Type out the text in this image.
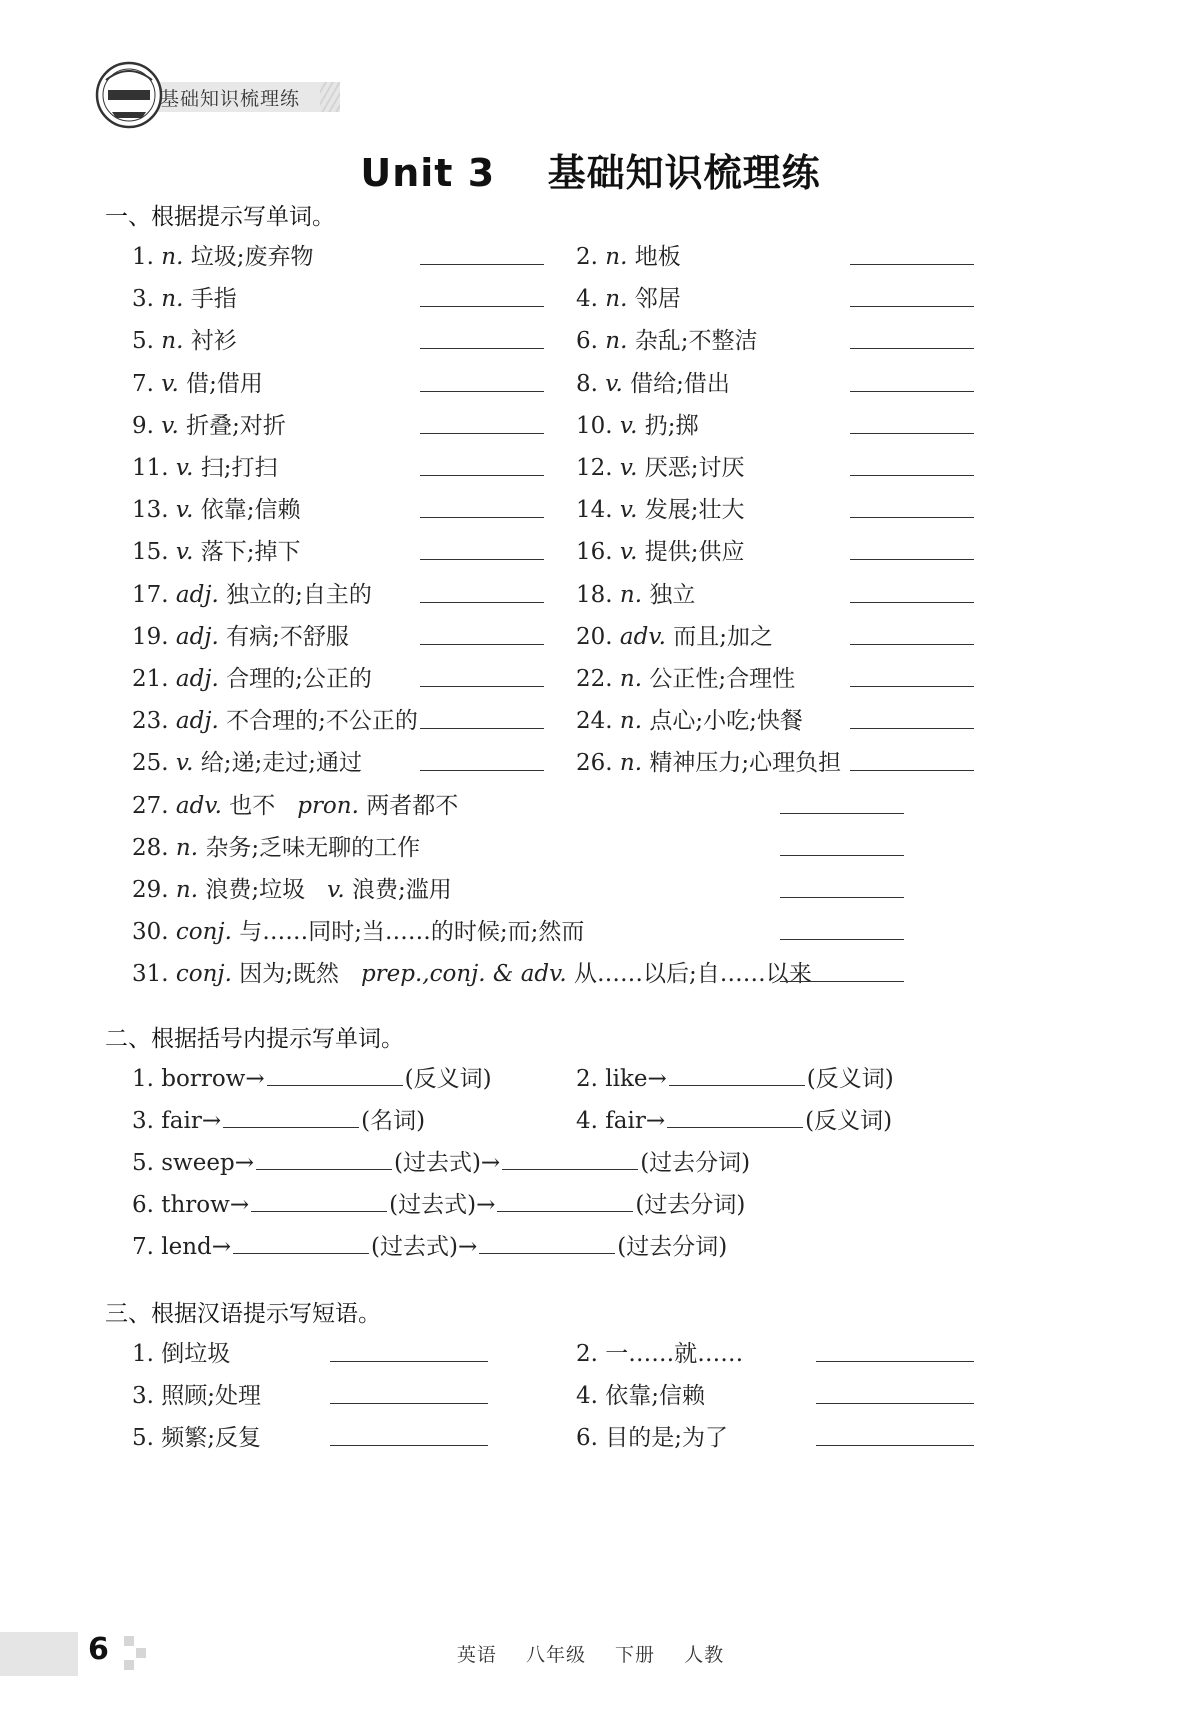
基础知识梳理练
Unit 3 基础知识梳理练
一、根据提示写单词。
1. n. 垃圾;废弃物	2. n. 地板
3. n. 手指	4. n. 邻居
5. n. 衬衫	6. n. 杂乱;不整洁
7. v. 借;借用	8. v. 借给;借出
9. v. 折叠;对折	10. v. 扔;掷
11. v. 扫;打扫	12. v. 厌恶;讨厌
13. v. 依靠;信赖	14. v. 发展;壮大
15. v. 落下;掉下	16. v. 提供;供应
17. adj. 独立的;自主的	18. n. 独立
19. adj. 有病;不舒服	20. adv. 而且;加之
21. adj. 合理的;公正的	22. n. 公正性;合理性
23. adj. 不合理的;不公正的	24. n. 点心;小吃;快餐
25. v. 给;递;走过;通过	26. n. 精神压力;心理负担
27. adv. 也不 pron. 两者都不
28. n. 杂务;乏味无聊的工作
29. n. 浪费;垃圾 v. 浪费;滥用
30. conj. 与……同时;当……的时候;而;然而
31. conj. 因为;既然 prep.,conj. & adv. 从……以后;自……以来
二、根据括号内提示写单词。
1. borrow→	(反义词)	2. like→	(反义词)
3. fair→	(名词)	4. fair→	(反义词)
5. sweep→	(过去式)→	(过去分词)
6. throw→	(过去式)→	(过去分词)
7. lend→	(过去式)→	(过去分词)
三、根据汉语提示写短语。
1. 倒垃圾	2. 一……就……
3. 照顾;处理	4. 依靠;信赖
5. 频繁;反复	6. 目的是;为了
6	英语 八年级 下册 人教
